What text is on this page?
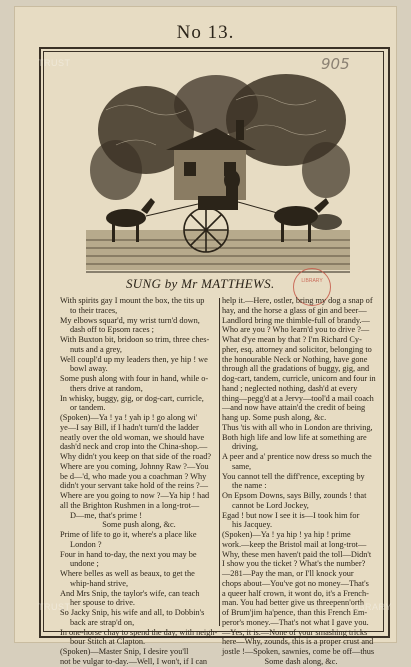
No 13.
905
SUNG by Mr MATTHEWS.	LIBRARY
With spirits gay I mount the box, the tits up
to their traces,
My elbows squar'd, my wrist turn'd down,
dash off to Epsom races ;
With Buxton bit, bridoon so trim, three ches-
nuts and a grey,
Well coupl'd up my leaders then, ye hip ! we
bowl away.
Some push along with four in hand, while o-
thers drive at random,
In whisky, buggy, gig, or dog-cart, curricle,
or tandem.
(Spoken)—Ya ! ya ! yah ip ! go along wi'
ye—I say Bill, if I hadn't turn'd the ladder
neatly over the old woman, we should have
dash'd neck and crop into the China-shop.—
Why didn't you keep on that side of the road?
Where are you coming, Johnny Raw ?—You
be d—'d, who made you a coachman ? Why
didn't your servant take hold of the reins ?—
Where are you going to now ?—Ya hip ! had
all the Brighton Rushmen in a long-trot—
D—me, that's prime !
Some push along, &c.
Prime of life to go it, where's a place like
London ?
Four in hand to-day, the next you may be
undone ;
Where belles as well as beaux, to get the
whip-hand strive,
And Mrs Snip, the taylor's wife, can teach
her spouse to drive.
So Jacky Snip, his wife and all, to Dobbin's
back are strap'd on,
In one-horse chay to spend the day, with neigh-
bour Stitch at Clapton.
(Spoken)—Master Snip, I desire you'll
not be vulgar to-day.—Well, I won't, if I can
help it.—Here, ostler, bring my dog a snap of
hay, and the horse a glass of gin and beer—
Landlord bring me thimble-full of brandy.—
Who are you ? Who learn'd you to drive ?—
What d'ye mean by that ? I'm Richard Cy-
pher, esq. attorney and solicitor, belonging to
the honourable Neck or Nothing, have gone
through all the gradations of buggy, gig, and
dog-cart, tandem, curricle, unicorn and four in
hand ; neglected nothing, dash'd at every
thing—pegg'd at a Jervy—tool'd a mail coach
—and now have attain'd the credit of being
hang up. Some push along, &c.
Thus 'tis with all who in London are thriving,
Both high life and low life at something are
driving,
A peer and a' prentice now dress so much the
same,
You cannot tell the diff'rence, excepting by
the name :
On Epsom Downs, says Billy, zounds ! that
cannot be Lord Jockey,
Egad ! but now I see it is—I took him for
his Jacquey.
(Spoken)—Ya ! ya hip ! ya hip ! prime
work.—keep the Bristol mail at long-trot—
Why, these men haven't paid the toll—Didn't
I show you the ticket ? What's the number?
—281—Pay the man, or I'll knock your
chops about—You've got no money—That's
a queer half crown, it wont do, it's a French-
man. You had better give us threepenn'orth
of Brum'jim ha'pence, than this French Em-
peror's money.—That's not what I gave you.
—Yes, it is.—None of your smashing tricks
here—Why, zounds, this is a proper crust and
jostle !—Spoken, sawnies, come be off—thus
Some dash along, &c.
TRUST
TRUST	LIBRARY
